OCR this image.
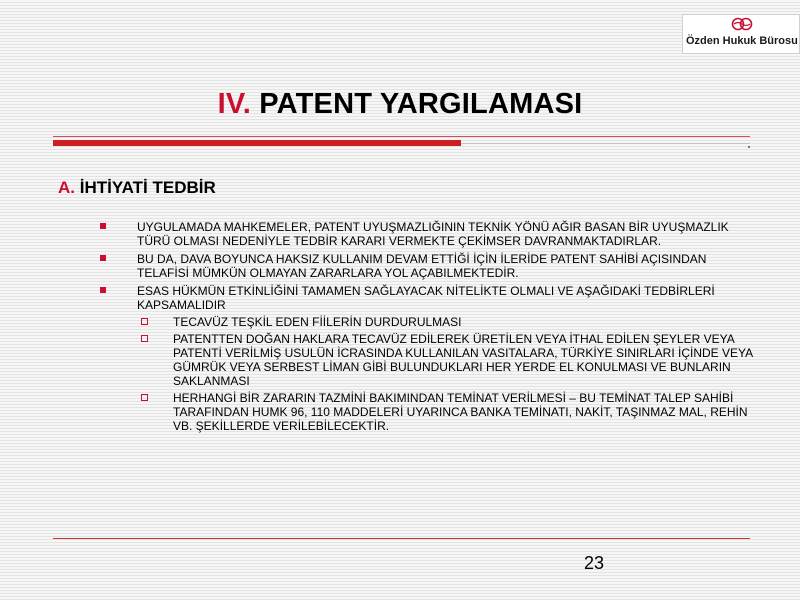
Özden Hukuk Bürosu
IV. PATENT YARGILAMASI
A. İHTİYATİ TEDBİR
UYGULAMADA MAHKEMELER, PATENT UYUŞMAZLIĞININ TEKNİK YÖNÜ AĞIR BASAN BİR UYUŞMAZLIK TÜRÜ OLMASI NEDENİYLE TEDBİR KARARI VERMEKTE ÇEKİMSER DAVRANMAKTADIRLAR.
BU DA, DAVA BOYUNCA HAKSIZ KULLANIM DEVAM ETTİĞİ İÇİN İLERİDE PATENT SAHİBİ AÇISINDAN TELAFİSİ MÜMKÜN OLMAYAN ZARARLARA YOL AÇABILMEKTEDİR.
ESAS HÜKMÜN ETKİNLİĞİNİ TAMAMEN SAĞLAYACAK NİTELİKTE OLMALI VE AŞAĞIDAKİ TEDBİRLERİ KAPSAMALIDIR
TECAVÜZ TEŞKİL EDEN FİİLERİN DURDURULMASI
PATENTTEN DOĞAN HAKLARA TECAVÜZ EDİLEREK ÜRETİLEN VEYA İTHAL EDİLEN ŞEYLER VEYA PATENTİ VERİLMİŞ USULÜN İCRASINDA KULLANILAN VASITALARA, TÜRKİYE SINIRLARI İÇİNDE VEYA GÜMRÜK VEYA SERBEST LİMAN GİBİ BULUNDUKLARI HER YERDE EL KONULMASI VE BUNLARIN SAKLANMASI
HERHANGİ BİR ZARARIN TAZMİNİ BAKIMINDAN TEMİNAT VERİLMESİ – BU TEMİNAT TALEP SAHİBİ TARAFINDAN HUMK 96, 110 MADDELERİ UYARINCA BANKA TEMİNATI, NAKİT, TAŞINMAZ MAL, REHİN VB. ŞEKİLLERDE VERİLEBİLECEKTİR.
23
